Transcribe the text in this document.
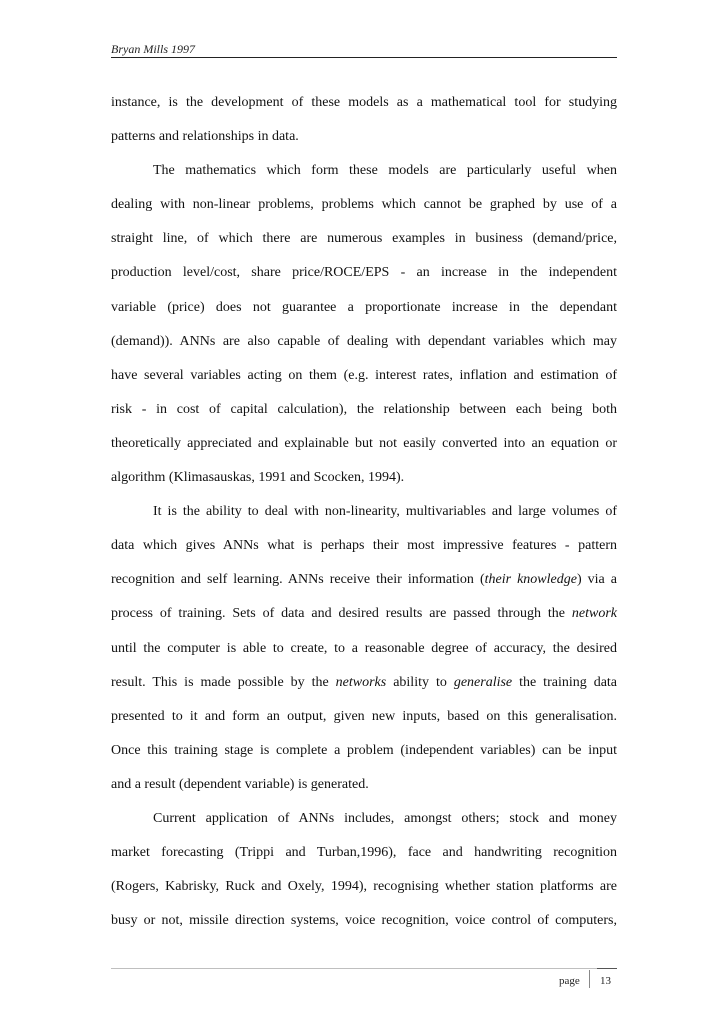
Bryan Mills 1997

instance, is the development of these models as a mathematical tool for studying
patterns and relationships in data.

The mathematics which form these models are particularly useful when
dealing with non-linear problems, problems which cannot be graphed by use of a
straight line, of which there are numerous examples in business (demand/price,
production level/cost, share price/ROCE/EPS - an increase in the independent
variable (price) does not guarantee a proportionate increase in the dependant
(demand)). ANNs are also capable of dealing with dependant variables which may
have several variables acting on them (e.g. interest rates, inflation and estimation of
risk - in cost of capital calculation), the relationship between each being both
theoretically appreciated and explainable but not easily converted into an equation or
algorithm (Klimasauskas, 1991 and Scocken, 1994).

It is the ability to deal with non-linearity, multivariables and large volumes of
data which gives ANNs what is perhaps their most impressive features - pattern
recognition and self learning. ANNs receive their information (their knowledge) via a
process of training. Sets of data and desired results are passed through the network
until the computer is able to create, to a reasonable degree of accuracy, the desired
result. This is made possible by the networks ability to generalise the training data
presented to it and form an output, given new inputs, based on this generalisation.
Once this training stage is complete a problem (independent variables) can be input
and a result (dependent variable) is generated.

Current application of ANNs includes, amongst others; stock and money
market forecasting (Trippi and Turban,1996), face and handwriting recognition
(Rogers, Kabrisky, Ruck and Oxely, 1994), recognising whether station platforms are
busy or not, missile direction systems, voice recognition, voice control of computers,

page 13
